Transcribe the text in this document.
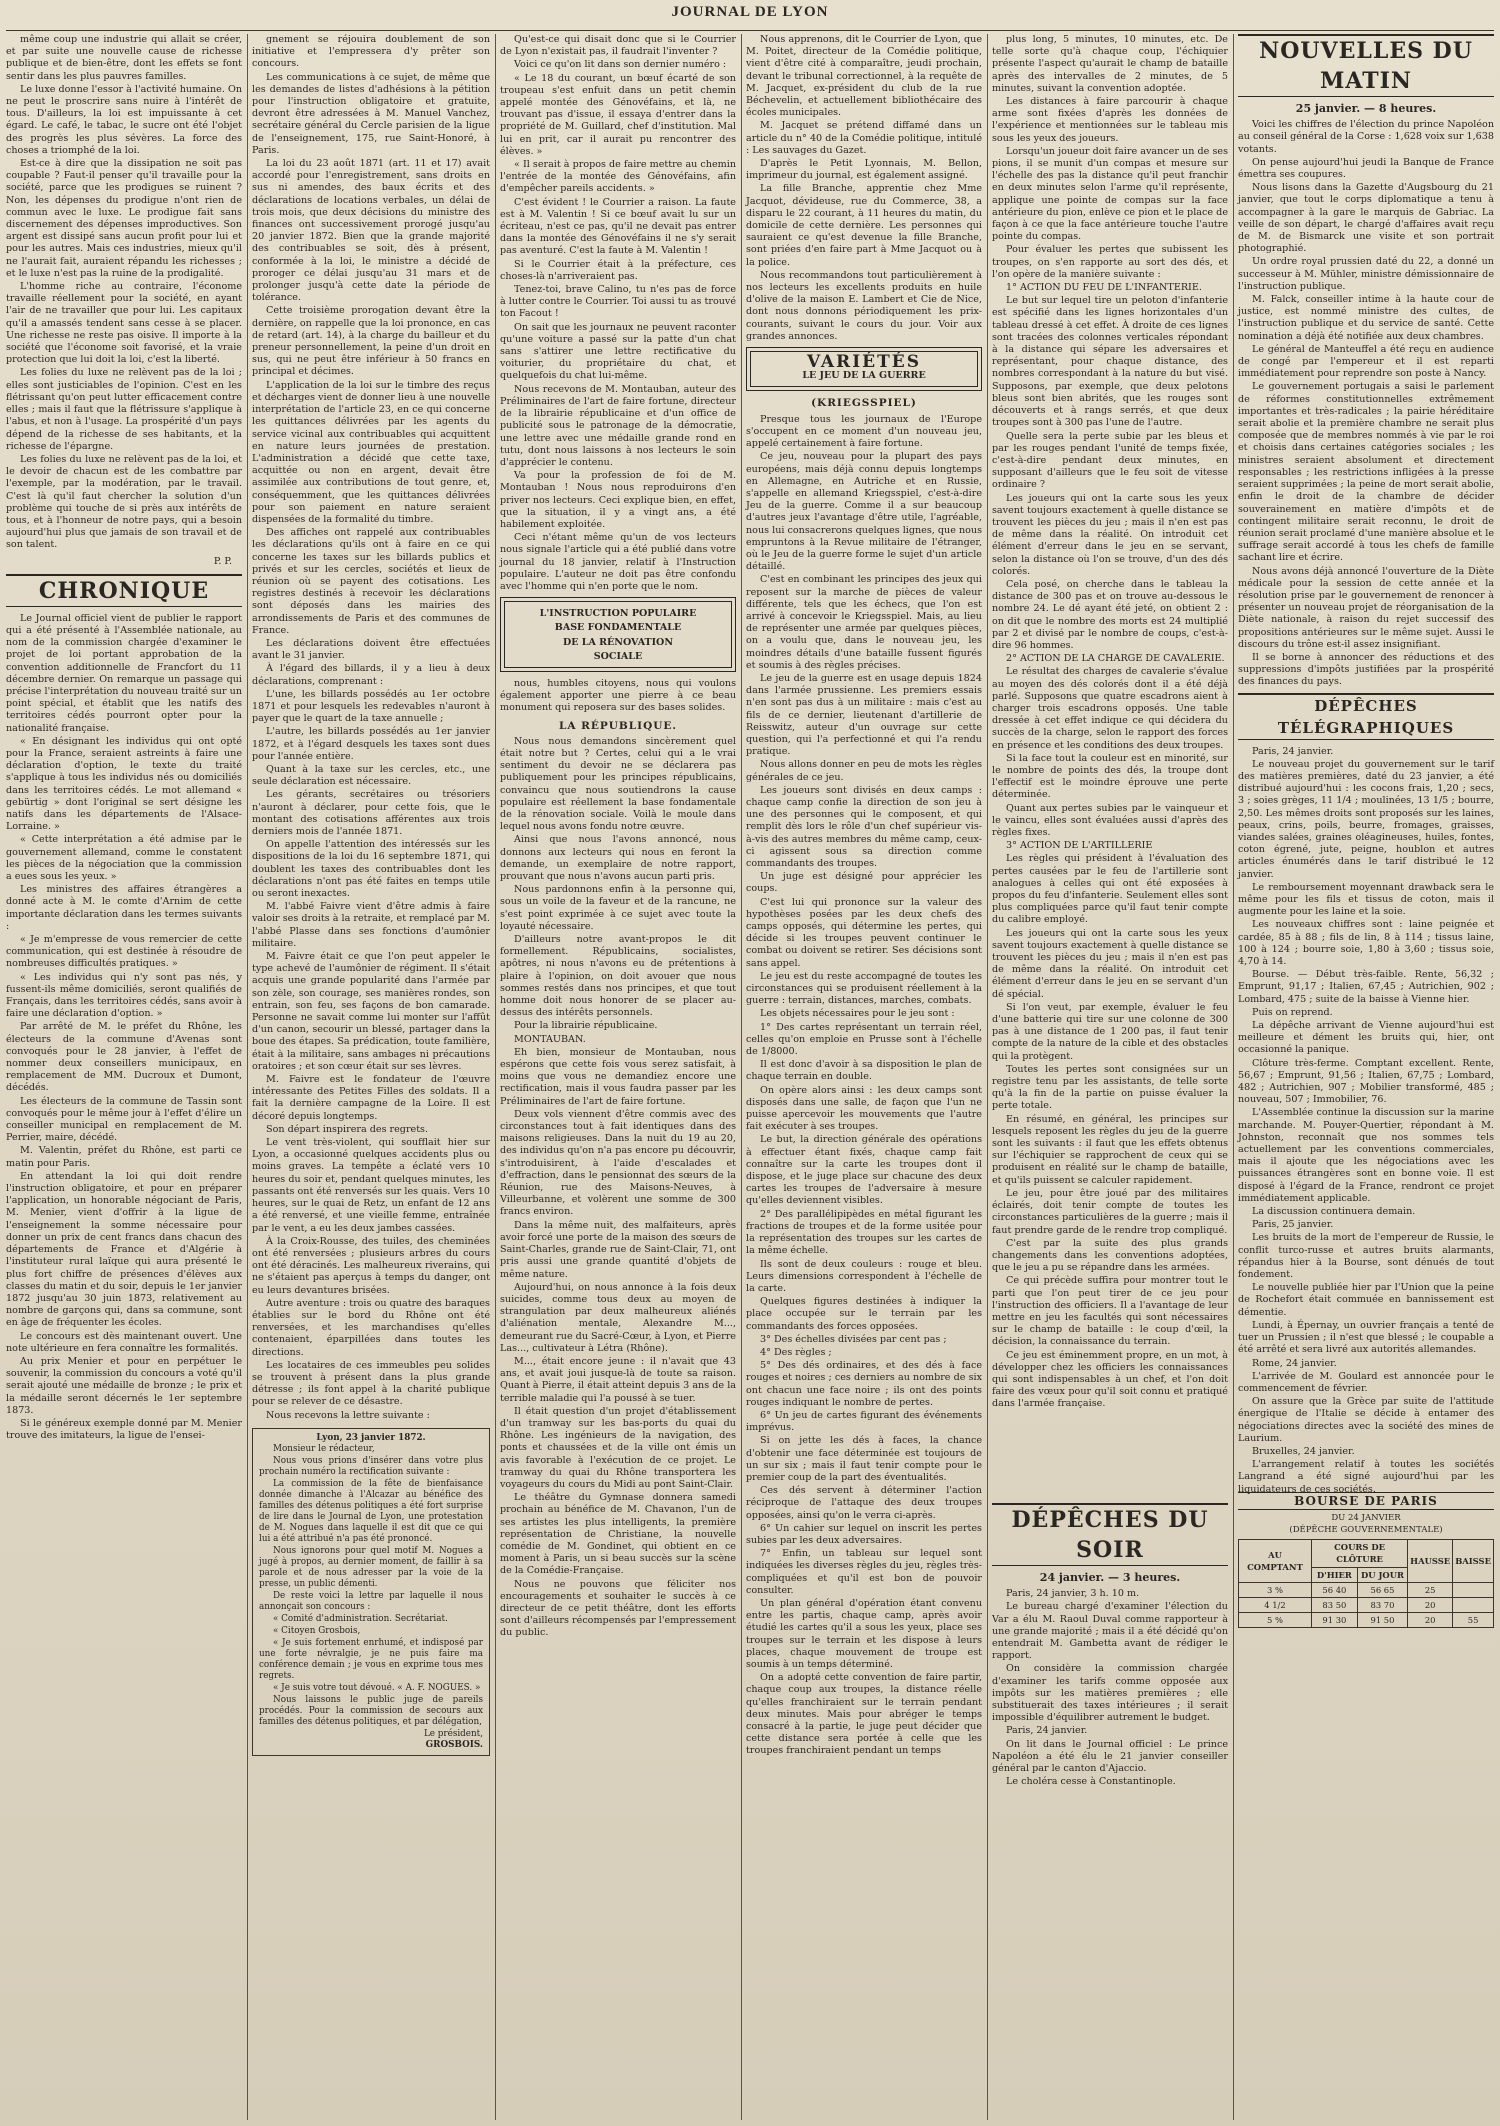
JOURNAL DE LYON

même coup une industrie qui allait se créer, et par suite une nouvelle cause de richesse publique et de bien-être, dont les effets se font sentir dans les plus pauvres familles.

Le luxe donne l'essor à l'activité humaine. On ne peut le proscrire sans nuire à l'intérêt de tous. D'ailleurs, la loi est impuissante à cet égard. Le café, le tabac, le sucre ont été l'objet des progrès les plus sévères. La force des choses a triomphé de la loi.

Est-ce à dire que la dissipation ne soit pas coupable ? Faut-il penser qu'il travaille pour la société, parce que les prodigues se ruinent ? Non, les dépenses du prodigue n'ont rien de commun avec le luxe. Le prodigue fait sans discernement des dépenses improductives. Son argent est dissipé sans aucun profit pour lui et pour les autres. Mais ces industries, mieux qu'il ne l'aurait fait, auraient répandu les richesses ; et le luxe n'est pas la ruine de la prodigalité.

L'homme riche au contraire, l'économe travaille réellement pour la société, en ayant l'air de ne travailler que pour lui. Les capitaux qu'il a amassés tendent sans cesse à se placer. Une richesse ne reste pas oisive. Il importe à la société que l'économe soit favorisé, et la vraie protection que lui doit la loi, c'est la liberté.

Les folies du luxe ne relèvent pas de la loi ; elles sont justiciables de l'opinion. C'est en les flétrissant qu'on peut lutter efficacement contre elles ; mais il faut que la flétrissure s'applique à l'abus, et non à l'usage. La prospérité d'un pays dépend de la richesse de ses habitants, et la richesse de l'épargne.

Les folies du luxe ne relèvent pas de la loi, et le devoir de chacun est de les combattre par l'exemple, par la modération, par le travail. C'est là qu'il faut chercher la solution d'un problème qui touche de si près aux intérêts de tous, et à l'honneur de notre pays, qui a besoin aujourd'hui plus que jamais de son travail et de son talent.

P. P.
CHRONIQUE

Le Journal officiel vient de publier le rapport qui a été présenté à l'Assemblée nationale, au nom de la commission chargée d'examiner le projet de loi portant approbation de la convention additionnelle de Francfort du 11 décembre dernier. On remarque un passage qui précise l'interprétation du nouveau traité sur un point spécial, et établit que les natifs des territoires cédés pourront opter pour la nationalité française.

« En désignant les individus qui ont opté pour la France, seraient astreints à faire une déclaration d'option, le texte du traité s'applique à tous les individus nés ou domiciliés dans les territoires cédés. Le mot allemand « gebürtig » dont l'original se sert désigne les natifs dans les départements de l'Alsace-Lorraine. »

« Cette interprétation a été admise par le gouvernement allemand, comme le constatent les pièces de la négociation que la commission a eues sous les yeux. »

Les ministres des affaires étrangères a donné acte à M. le comte d'Arnim de cette importante déclaration dans les termes suivants :

« Je m'empresse de vous remercier de cette communication, qui est destinée à résoudre de nombreuses difficultés pratiques. »

« Les individus qui n'y sont pas nés, y fussent-ils même domiciliés, seront qualifiés de Français, dans les territoires cédés, sans avoir à faire une déclaration d'option. »

Par arrêté de M. le préfet du Rhône, les électeurs de la commune d'Avenas sont convoqués pour le 28 janvier, à l'effet de nommer deux conseillers municipaux, en remplacement de MM. Ducroux et Dumont, décédés.

Les électeurs de la commune de Tassin sont convoqués pour le même jour à l'effet d'élire un conseiller municipal en remplacement de M. Perrier, maire, décédé.

M. Valentin, préfet du Rhône, est parti ce matin pour Paris.

En attendant la loi qui doit rendre l'instruction obligatoire, et pour en préparer l'application, un honorable négociant de Paris, M. Menier, vient d'offrir à la ligue de l'enseignement la somme nécessaire pour donner un prix de cent francs dans chacun des départements de France et d'Algérie à l'instituteur rural laïque qui aura présenté le plus fort chiffre de présences d'élèves aux classes du matin et du soir, depuis le 1er janvier 1872 jusqu'au 30 juin 1873, relativement au nombre de garçons qui, dans sa commune, sont en âge de fréquenter les écoles.

Le concours est dès maintenant ouvert. Une note ultérieure en fera connaître les formalités.

Au prix Menier et pour en perpétuer le souvenir, la commission du concours a voté qu'il serait ajouté une médaille de bronze ; le prix et la médaille seront décernés le 1er septembre 1873.

Si le généreux exemple donné par M. Menier trouve des imitateurs, la ligue de l'ensei-

gnement se réjouira doublement de son initiative et l'empressera d'y prêter son concours.

Les communications à ce sujet, de même que les demandes de listes d'adhésions à la pétition pour l'instruction obligatoire et gratuite, devront être adressées à M. Manuel Vanchez, secrétaire général du Cercle parisien de la ligue de l'enseignement, 175, rue Saint-Honoré, à Paris.

La loi du 23 août 1871 (art. 11 et 17) avait accordé pour l'enregistrement, sans droits en sus ni amendes, des baux écrits et des déclarations de locations verbales, un délai de trois mois, que deux décisions du ministre des finances ont successivement prorogé jusqu'au 20 janvier 1872. Bien que la grande majorité des contribuables se soit, dès à présent, conformée à la loi, le ministre a décidé de proroger ce délai jusqu'au 31 mars et de prolonger jusqu'à cette date la période de tolérance.

Cette troisième prorogation devant être la dernière, on rappelle que la loi prononce, en cas de retard (art. 14), à la charge du bailleur et du preneur personnellement, la peine d'un droit en sus, qui ne peut être inférieur à 50 francs en principal et décimes.

L'application de la loi sur le timbre des reçus et décharges vient de donner lieu à une nouvelle interprétation de l'article 23, en ce qui concerne les quittances délivrées par les agents du service vicinal aux contribuables qui acquittent en nature leurs journées de prestation. L'administration a décidé que cette taxe, acquittée ou non en argent, devait être assimilée aux contributions de tout genre, et, conséquemment, que les quittances délivrées pour son paiement en nature seraient dispensées de la formalité du timbre.

Des affiches ont rappelé aux contribuables les déclarations qu'ils ont à faire en ce qui concerne les taxes sur les billards publics et privés et sur les cercles, sociétés et lieux de réunion où se payent des cotisations. Les registres destinés à recevoir les déclarations sont déposés dans les mairies des arrondissements de Paris et des communes de France.

Les déclarations doivent être effectuées avant le 31 janvier.

À l'égard des billards, il y a lieu à deux déclarations, comprenant :

L'une, les billards possédés au 1er octobre 1871 et pour lesquels les redevables n'auront à payer que le quart de la taxe annuelle ;

L'autre, les billards possédés au 1er janvier 1872, et à l'égard desquels les taxes sont dues pour l'année entière.

Quant à la taxe sur les cercles, etc., une seule déclaration est nécessaire.

Les gérants, secrétaires ou trésoriers n'auront à déclarer, pour cette fois, que le montant des cotisations afférentes aux trois derniers mois de l'année 1871.

On appelle l'attention des intéressés sur les dispositions de la loi du 16 septembre 1871, qui doublent les taxes des contribuables dont les déclarations n'ont pas été faites en temps utile ou seront inexactes.

M. l'abbé Faivre vient d'être admis à faire valoir ses droits à la retraite, et remplacé par M. l'abbé Plasse dans ses fonctions d'aumônier militaire.

M. Faivre était ce que l'on peut appeler le type achevé de l'aumônier de régiment. Il s'était acquis une grande popularité dans l'armée par son zèle, son courage, ses manières rondes, son entrain, son feu, ses façons de bon camarade. Personne ne savait comme lui monter sur l'affût d'un canon, secourir un blessé, partager dans la boue des étapes. Sa prédication, toute familière, était à la militaire, sans ambages ni précautions oratoires ; et son cœur était sur ses lèvres.

M. Faivre est le fondateur de l'œuvre intéressante des Petites Filles des soldats. Il a fait la dernière campagne de la Loire. Il est décoré depuis longtemps.

Son départ inspirera des regrets.

Le vent très-violent, qui soufflait hier sur Lyon, a occasionné quelques accidents plus ou moins graves. La tempête a éclaté vers 10 heures du soir et, pendant quelques minutes, les passants ont été renversés sur les quais. Vers 10 heures, sur le quai de Retz, un enfant de 12 ans a été renversé, et une vieille femme, entraînée par le vent, a eu les deux jambes cassées.

À la Croix-Rousse, des tuiles, des cheminées ont été renversées ; plusieurs arbres du cours ont été déracinés. Les malheureux riverains, qui ne s'étaient pas aperçus à temps du danger, ont eu leurs devantures brisées.

Autre aventure : trois ou quatre des baraques établies sur le bord du Rhône ont été renversées, et les marchandises qu'elles contenaient, éparpillées dans toutes les directions.

Les locataires de ces immeubles peu solides se trouvent à présent dans la plus grande détresse ; ils font appel à la charité publique pour se relever de ce désastre.

Nous recevons la lettre suivante :

Lyon, 23 janvier 1872.

Monsieur le rédacteur,

Nous vous prions d'insérer dans votre plus prochain numéro la rectification suivante :

La commission de la fête de bienfaisance donnée dimanche à l'Alcazar au bénéfice des familles des détenus politiques a été fort surprise de lire dans le Journal de Lyon, une protestation de M. Nogues dans laquelle il est dit que ce qui lui a été attribué n'a pas été prononcé.

Nous ignorons pour quel motif M. Nogues a jugé à propos, au dernier moment, de faillir à sa parole et de nous adresser par la voie de la presse, un public démenti.

De reste voici la lettre par laquelle il nous annonçait son concours :

« Comité d'administration. Secrétariat.

« Citoyen Grosbois,

« Je suis fortement enrhumé, et indisposé par une forte névralgie, je ne puis faire ma conférence demain ; je vous en exprime tous mes regrets.

« Je suis votre tout dévoué. « A. F. NOGUES. »

Nous laissons le public juge de pareils procédés. Pour la commission de secours aux familles des détenus politiques, et par délégation,

Le président,
GROSBOIS.

Qu'est-ce qui disait donc que si le Courrier de Lyon n'existait pas, il faudrait l'inventer ?

Voici ce qu'on lit dans son dernier numéro :

« Le 18 du courant, un bœuf écarté de son troupeau s'est enfuit dans un petit chemin appelé montée des Génovéfains, et là, ne trouvant pas d'issue, il essaya d'entrer dans la propriété de M. Guillard, chef d'institution. Mal lui en prit, car il aurait pu rencontrer des élèves. »

« Il serait à propos de faire mettre au chemin l'entrée de la montée des Génovéfains, afin d'empêcher pareils accidents. »

C'est évident ! le Courrier a raison. La faute est à M. Valentin ! Si ce bœuf avait lu sur un écriteau, n'est ce pas, qu'il ne devait pas entrer dans la montée des Génovéfains il ne s'y serait pas aventuré. C'est la faute à M. Valentin !

Si le Courrier était à la préfecture, ces choses-là n'arriveraient pas.

Tenez-toi, brave Calino, tu n'es pas de force à lutter contre le Courrier. Toi aussi tu as trouvé ton Facout !

On sait que les journaux ne peuvent raconter qu'une voiture a passé sur la patte d'un chat sans s'attirer une lettre rectificative du voiturier, du propriétaire du chat, et quelquefois du chat lui-même.

Nous recevons de M. Montauban, auteur des Préliminaires de l'art de faire fortune, directeur de la librairie républicaine et d'un office de publicité sous le patronage de la démocratie, une lettre avec une médaille grande rond en tutu, dont nous laissons à nos lecteurs le soin d'apprécier le contenu.

Va pour la profession de foi de M. Montauban ! Nous nous reproduirons d'en priver nos lecteurs. Ceci explique bien, en effet, que la situation, il y a vingt ans, a été habilement exploitée.

Ceci n'étant même qu'un de vos lecteurs nous signale l'article qui a été publié dans votre journal du 18 janvier, relatif à l'Instruction populaire. L'auteur ne doit pas être confondu avec l'homme qui n'en porte que le nom.

L'INSTRUCTION POPULAIRE
BASE FONDAMENTALE
DE LA RÉNOVATION
SOCIALE

nous, humbles citoyens, nous qui voulons également apporter une pierre à ce beau monument qui reposera sur des bases solides.

LA RÉPUBLIQUE.

Nous nous demandons sincèrement quel était notre but ? Certes, celui qui a le vrai sentiment du devoir ne se déclarera pas publiquement pour les principes républicains, convaincu que nous soutiendrons la cause populaire est réellement la base fondamentale de la rénovation sociale. Voilà le moule dans lequel nous avons fondu notre œuvre.

Ainsi que nous l'avons annoncé, nous donnons aux lecteurs qui nous en feront la demande, un exemplaire de notre rapport, prouvant que nous n'avons aucun parti pris.

Nous pardonnons enfin à la personne qui, sous un voile de la faveur et de la rancune, ne s'est point exprimée à ce sujet avec toute la loyauté nécessaire.

D'ailleurs notre avant-propos le dit formellement. Républicains, socialistes, apôtres, ni nous n'avons eu de prétentions à plaire à l'opinion, on doit avouer que nous sommes restés dans nos principes, et que tout homme doit nous honorer de se placer au-dessus des intérêts personnels.

Pour la librairie républicaine.

MONTAUBAN.

Eh bien, monsieur de Montauban, nous espérons que cette fois vous serez satisfait, à moins que vous ne demandiez encore une rectification, mais il vous faudra passer par les Préliminaires de l'art de faire fortune.

Deux vols viennent d'être commis avec des circonstances tout à fait identiques dans des maisons religieuses. Dans la nuit du 19 au 20, des individus qu'on n'a pas encore pu découvrir, s'introduisirent, à l'aide d'escalades et d'effraction, dans le pensionnat des sœurs de la Réunion, rue des Maisons-Neuves, à Villeurbanne, et volèrent une somme de 300 francs environ.

Dans la même nuit, des malfaiteurs, après avoir forcé une porte de la maison des sœurs de Saint-Charles, grande rue de Saint-Clair, 71, ont pris aussi une grande quantité d'objets de même nature.

Aujourd'hui, on nous annonce à la fois deux suicides, comme tous deux au moyen de strangulation par deux malheureux aliénés d'aliénation mentale, Alexandre M..., demeurant rue du Sacré-Cœur, à Lyon, et Pierre Las..., cultivateur à Létra (Rhône).

M..., était encore jeune : il n'avait que 43 ans, et avait joui jusque-là de toute sa raison. Quant à Pierre, il était atteint depuis 3 ans de la terrible maladie qui l'a poussé à se tuer.

Il était question d'un projet d'établissement d'un tramway sur les bas-ports du quai du Rhône. Les ingénieurs de la navigation, des ponts et chaussées et de la ville ont émis un avis favorable à l'exécution de ce projet. Le tramway du quai du Rhône transportera les voyageurs du cours du Midi au pont Saint-Clair.

Le théâtre du Gymnase donnera samedi prochain au bénéfice de M. Chavanon, l'un de ses artistes les plus intelligents, la première représentation de Christiane, la nouvelle comédie de M. Gondinet, qui obtient en ce moment à Paris, un si beau succès sur la scène de la Comédie-Française.

Nous ne pouvons que féliciter nos encouragements et souhaiter le succès à ce directeur de ce petit théâtre, dont les efforts sont d'ailleurs récompensés par l'empressement du public.

Nous apprenons, dit le Courrier de Lyon, que M. Poitet, directeur de la Comédie politique, vient d'être cité à comparaître, jeudi prochain, devant le tribunal correctionnel, à la requête de M. Jacquet, ex-président du club de la rue Béchevelin, et actuellement bibliothécaire des écoles municipales.

M. Jacquet se prétend diffamé dans un article du n° 40 de la Comédie politique, intitulé : Les sauvages du Gazet.

D'après le Petit Lyonnais, M. Bellon, imprimeur du journal, est également assigné.

La fille Branche, apprentie chez Mme Jacquot, dévideuse, rue du Commerce, 38, a disparu le 22 courant, à 11 heures du matin, du domicile de cette dernière. Les personnes qui sauraient ce qu'est devenue la fille Branche, sont priées d'en faire part à Mme Jacquot ou à la police.

Nous recommandons tout particulièrement à nos lecteurs les excellents produits en huile d'olive de la maison E. Lambert et Cie de Nice, dont nous donnons périodiquement les prix-courants, suivant le cours du jour. Voir aux grandes annonces.

VARIÉTÉS
LE JEU DE LA GUERRE
(KRIEGSSPIEL)

Presque tous les journaux de l'Europe s'occupent en ce moment d'un nouveau jeu, appelé certainement à faire fortune.

Ce jeu, nouveau pour la plupart des pays européens, mais déjà connu depuis longtemps en Allemagne, en Autriche et en Russie, s'appelle en allemand Kriegsspiel, c'est-à-dire Jeu de la guerre. Comme il a sur beaucoup d'autres jeux l'avantage d'être utile, l'agréable, nous lui consacrerons quelques lignes, que nous empruntons à la Revue militaire de l'étranger, où le Jeu de la guerre forme le sujet d'un article détaillé.

C'est en combinant les principes des jeux qui reposent sur la marche de pièces de valeur différente, tels que les échecs, que l'on est arrivé à concevoir le Kriegsspiel. Mais, au lieu de représenter une armée par quelques pièces, on a voulu que, dans le nouveau jeu, les moindres détails d'une bataille fussent figurés et soumis à des règles précises.

Le jeu de la guerre est en usage depuis 1824 dans l'armée prussienne. Les premiers essais n'en sont pas dus à un militaire : mais c'est au fils de ce dernier, lieutenant d'artillerie de Reisswitz, auteur d'un ouvrage sur cette question, qui l'a perfectionné et qui l'a rendu pratique.

Nous allons donner en peu de mots les règles générales de ce jeu.

Les joueurs sont divisés en deux camps : chaque camp confie la direction de son jeu à une des personnes qui le composent, et qui remplit dès lors le rôle d'un chef supérieur vis-à-vis des autres membres du même camp, ceux-ci agissent sous sa direction comme commandants des troupes.

Un juge est désigné pour apprécier les coups.

C'est lui qui prononce sur la valeur des hypothèses posées par les deux chefs des camps opposés, qui détermine les pertes, qui décide si les troupes peuvent continuer le combat ou doivent se retirer. Ses décisions sont sans appel.

Le jeu est du reste accompagné de toutes les circonstances qui se produisent réellement à la guerre : terrain, distances, marches, combats.

Les objets nécessaires pour le jeu sont :

1° Des cartes représentant un terrain réel, celles qu'on emploie en Prusse sont à l'échelle de 1/8000.

Il est donc d'avoir à sa disposition le plan de chaque terrain en double.

On opère alors ainsi : les deux camps sont disposés dans une salle, de façon que l'un ne puisse apercevoir les mouvements que l'autre fait exécuter à ses troupes.

Le but, la direction générale des opérations à effectuer étant fixés, chaque camp fait connaître sur la carte les troupes dont il dispose, et le juge place sur chacune des deux cartes les troupes de l'adversaire à mesure qu'elles deviennent visibles.

2° Des parallélipipèdes en métal figurant les fractions de troupes et de la forme usitée pour la représentation des troupes sur les cartes de la même échelle.

Ils sont de deux couleurs : rouge et bleu. Leurs dimensions correspondent à l'échelle de la carte.

Quelques figures destinées à indiquer la place occupée sur le terrain par les commandants des forces opposées.

3° Des échelles divisées par cent pas ;

4° Des règles ;

5° Des dés ordinaires, et des dés à face rouges et noires ; ces derniers au nombre de six ont chacun une face noire ; ils ont des points rouges indiquant le nombre de pertes.

6° Un jeu de cartes figurant des événements imprévus.

Si on jette les dés à faces, la chance d'obtenir une face déterminée est toujours de un sur six ; mais il faut tenir compte pour le premier coup de la part des éventualités.

Ces dés servent à déterminer l'action réciproque de l'attaque des deux troupes opposées, ainsi qu'on le verra ci-après.

6° Un cahier sur lequel on inscrit les pertes subies par les deux adversaires.

7° Enfin, un tableau sur lequel sont indiquées les diverses règles du jeu, règles très-compliquées et qu'il est bon de pouvoir consulter.

Un plan général d'opération étant convenu entre les partis, chaque camp, après avoir étudié les cartes qu'il a sous les yeux, place ses troupes sur le terrain et les dispose à leurs places, chaque mouvement de troupe est soumis à un temps déterminé.

On a adopté cette convention de faire partir, chaque coup aux troupes, la distance réelle qu'elles franchiraient sur le terrain pendant deux minutes. Mais pour abréger le temps consacré à la partie, le juge peut décider que cette distance sera portée à celle que les troupes franchiraient pendant un temps

plus long, 5 minutes, 10 minutes, etc. De telle sorte qu'à chaque coup, l'échiquier présente l'aspect qu'aurait le champ de bataille après des intervalles de 2 minutes, de 5 minutes, suivant la convention adoptée.

Les distances à faire parcourir à chaque arme sont fixées d'après les données de l'expérience et mentionnées sur le tableau mis sous les yeux des joueurs.

Lorsqu'un joueur doit faire avancer un de ses pions, il se munit d'un compas et mesure sur l'échelle des pas la distance qu'il peut franchir en deux minutes selon l'arme qu'il représente, applique une pointe de compas sur la face antérieure du pion, enlève ce pion et le place de façon à ce que la face antérieure touche l'autre pointe du compas.

Pour évaluer les pertes que subissent les troupes, on s'en rapporte au sort des dés, et l'on opère de la manière suivante :

1° ACTION DU FEU DE L'INFANTERIE.

Le but sur lequel tire un peloton d'infanterie est spécifié dans les lignes horizontales d'un tableau dressé à cet effet. À droite de ces lignes sont tracées des colonnes verticales répondant à la distance qui sépare les adversaires et représentant, pour chaque distance, des nombres correspondant à la nature du but visé. Supposons, par exemple, que deux pelotons bleus sont bien abrités, que les rouges sont découverts et à rangs serrés, et que deux troupes sont à 300 pas l'une de l'autre.

Quelle sera la perte subie par les bleus et par les rouges pendant l'unité de temps fixée, c'est-à-dire pendant deux minutes, en supposant d'ailleurs que le feu soit de vitesse ordinaire ?

Les joueurs qui ont la carte sous les yeux savent toujours exactement à quelle distance se trouvent les pièces du jeu ; mais il n'en est pas de même dans la réalité. On introduit cet élément d'erreur dans le jeu en se servant, selon la distance où l'on se trouve, d'un des dés colorés.

Cela posé, on cherche dans le tableau la distance de 300 pas et on trouve au-dessous le nombre 24. Le dé ayant été jeté, on obtient 2 : on dit que le nombre des morts est 24 multiplié par 2 et divisé par le nombre de coups, c'est-à-dire 96 hommes.

2° ACTION DE LA CHARGE DE CAVALERIE.

Le résultat des charges de cavalerie s'évalue au moyen des dés colorés dont il a été déjà parlé. Supposons que quatre escadrons aient à charger trois escadrons opposés. Une table dressée à cet effet indique ce qui décidera du succès de la charge, selon le rapport des forces en présence et les conditions des deux troupes.

Si la face tout la couleur est en minorité, sur le nombre de points des dés, la troupe dont l'effectif est le moindre éprouve une perte déterminée.

Quant aux pertes subies par le vainqueur et le vaincu, elles sont évaluées aussi d'après des règles fixes.

3° ACTION DE L'ARTILLERIE

Les règles qui président à l'évaluation des pertes causées par le feu de l'artillerie sont analogues à celles qui ont été exposées à propos du feu d'infanterie. Seulement elles sont plus compliquées parce qu'il faut tenir compte du calibre employé.

Les joueurs qui ont la carte sous les yeux savent toujours exactement à quelle distance se trouvent les pièces du jeu ; mais il n'en est pas de même dans la réalité. On introduit cet élément d'erreur dans le jeu en se servant d'un dé spécial.

Si l'on veut, par exemple, évaluer le feu d'une batterie qui tire sur une colonne de 300 pas à une distance de 1 200 pas, il faut tenir compte de la nature de la cible et des obstacles qui la protègent.

Toutes les pertes sont consignées sur un registre tenu par les assistants, de telle sorte qu'à la fin de la partie on puisse évaluer la perte totale.

En résumé, en général, les principes sur lesquels reposent les règles du jeu de la guerre sont les suivants : il faut que les effets obtenus sur l'échiquier se rapprochent de ceux qui se produisent en réalité sur le champ de bataille, et qu'ils puissent se calculer rapidement.

Le jeu, pour être joué par des militaires éclairés, doit tenir compte de toutes les circonstances particulières de la guerre ; mais il faut prendre garde de le rendre trop compliqué.

C'est par la suite des plus grands changements dans les conventions adoptées, que le jeu a pu se répandre dans les armées.

Ce qui précède suffira pour montrer tout le parti que l'on peut tirer de ce jeu pour l'instruction des officiers. Il a l'avantage de leur mettre en jeu les facultés qui sont nécessaires sur le champ de bataille : le coup d'œil, la décision, la connaissance du terrain.

Ce jeu est éminemment propre, en un mot, à développer chez les officiers les connaissances qui sont indispensables à un chef, et l'on doit faire des vœux pour qu'il soit connu et pratiqué dans l'armée française.

DÉPÊCHES DU SOIR
24 janvier. — 3 heures.

Paris, 24 janvier, 3 h. 10 m.

Le bureau chargé d'examiner l'élection du Var a élu M. Raoul Duval comme rapporteur à une grande majorité ; mais il a été décidé qu'on entendrait M. Gambetta avant de rédiger le rapport.

On considère la commission chargée d'examiner les tarifs comme opposée aux impôts sur les matières premières ; elle substituerait des taxes intérieures ; il serait impossible d'équilibrer autrement le budget.

Paris, 24 janvier.

On lit dans le Journal officiel : Le prince Napoléon a été élu le 21 janvier conseiller général par le canton d'Ajaccio.

Le choléra cesse à Constantinople.

NOUVELLES DU MATIN
25 janvier. — 8 heures.

Voici les chiffres de l'élection du prince Napoléon au conseil général de la Corse : 1,628 voix sur 1,638 votants.

On pense aujourd'hui jeudi la Banque de France émettra ses coupures.

Nous lisons dans la Gazette d'Augsbourg du 21 janvier, que tout le corps diplomatique a tenu à accompagner à la gare le marquis de Gabriac. La veille de son départ, le chargé d'affaires avait reçu de M. de Bismarck une visite et son portrait photographié.

Un ordre royal prussien daté du 22, a donné un successeur à M. Mühler, ministre démissionnaire de l'instruction publique.

M. Falck, conseiller intime à la haute cour de justice, est nommé ministre des cultes, de l'instruction publique et du service de santé. Cette nomination a déjà été notifiée aux deux chambres.

Le général de Manteuffel a été reçu en audience de congé par l'empereur et il est reparti immédiatement pour reprendre son poste à Nancy.

Le gouvernement portugais a saisi le parlement de réformes constitutionnelles extrêmement importantes et très-radicales ; la pairie héréditaire serait abolie et la première chambre ne serait plus composée que de membres nommés à vie par le roi et choisis dans certaines catégories sociales ; les ministres seraient absolument et directement responsables ; les restrictions infligées à la presse seraient supprimées ; la peine de mort serait abolie, enfin le droit de la chambre de décider souverainement en matière d'impôts et de contingent militaire serait reconnu, le droit de réunion serait proclamé d'une manière absolue et le suffrage serait accordé à tous les chefs de famille sachant lire et écrire.

Nous avons déjà annoncé l'ouverture de la Diète médicale pour la session de cette année et la résolution prise par le gouvernement de renoncer à présenter un nouveau projet de réorganisation de la Diète nationale, à raison du rejet successif des propositions antérieures sur le même sujet. Aussi le discours du trône est-il assez insignifiant.

Il se borne à annoncer des réductions et des suppressions d'impôts justifiées par la prospérité des finances du pays.

DÉPÊCHES TÉLÉGRAPHIQUES

Paris, 24 janvier.

Le nouveau projet du gouvernement sur le tarif des matières premières, daté du 23 janvier, a été distribué aujourd'hui : les cocons frais, 1,20 ; secs, 3 ; soies grèges, 11 1/4 ; moulinées, 13 1/5 ; bourre, 2,50. Les mêmes droits sont proposés sur les laines, peaux, crins, poils, beurre, fromages, graisses, viandes salées, graines oléagineuses, huiles, fontes, coton égrené, jute, peigne, houblon et autres articles énumérés dans le tarif distribué le 12 janvier.

Le remboursement moyennant drawback sera le même pour les fils et tissus de coton, mais il augmente pour les laine et la soie.

Les nouveaux chiffres sont : laine peignée et cardée, 85 à 88 ; fils de lin, 8 à 114 ; tissus laine, 100 à 124 ; bourre soie, 1,80 à 3,60 ; tissus soie, 4,70 à 14.

Bourse. — Début très-faible. Rente, 56,32 ; Emprunt, 91,17 ; Italien, 67,45 ; Autrichien, 902 ; Lombard, 475 ; suite de la baisse à Vienne hier.

Puis on reprend.

La dépêche arrivant de Vienne aujourd'hui est meilleure et dément les bruits qui, hier, ont occasionné la panique.

Clôture très-ferme. Comptant excellent. Rente, 56,67 ; Emprunt, 91,56 ; Italien, 67,75 ; Lombard, 482 ; Autrichien, 907 ; Mobilier transformé, 485 ; nouveau, 507 ; Immobilier, 76.

L'Assemblée continue la discussion sur la marine marchande. M. Pouyer-Quertier, répondant à M. Johnston, reconnaît que nos sommes tels actuellement par les conventions commerciales, mais il ajoute que les négociations avec les puissances étrangères sont en bonne voie. Il est disposé à l'égard de la France, rendront ce projet immédiatement applicable.

La discussion continuera demain.

Paris, 25 janvier.

Les bruits de la mort de l'empereur de Russie, le conflit turco-russe et autres bruits alarmants, répandus hier à la Bourse, sont dénués de tout fondement.

Le nouvelle publiée hier par l'Union que la peine de Rochefort était commuée en bannissement est démentie.

Lundi, à Épernay, un ouvrier français a tenté de tuer un Prussien ; il n'est que blessé ; le coupable a été arrêté et sera livré aux autorités allemandes.

Rome, 24 janvier.

L'arrivée de M. Goulard est annoncée pour le commencement de février.

On assure que la Grèce par suite de l'attitude énergique de l'Italie se décide à entamer des négociations directes avec la société des mines de Laurium.

Bruxelles, 24 janvier.

L'arrangement relatif à toutes les sociétés Langrand a été signé aujourd'hui par les liquidateurs de ces sociétés.

BOURSE DE PARIS
DU 24 JANVIER
(DÉPÊCHE GOUVERNEMENTALE)
AU COMPTANT	COURS DE CLÔTURE		HAUSSE	BAISSE
	D'HIER	DU JOUR		
3 %	56 40	56 65	25	
4 1/2	83 50	83 70	20	
5 %	91 30	91 50	20	55
